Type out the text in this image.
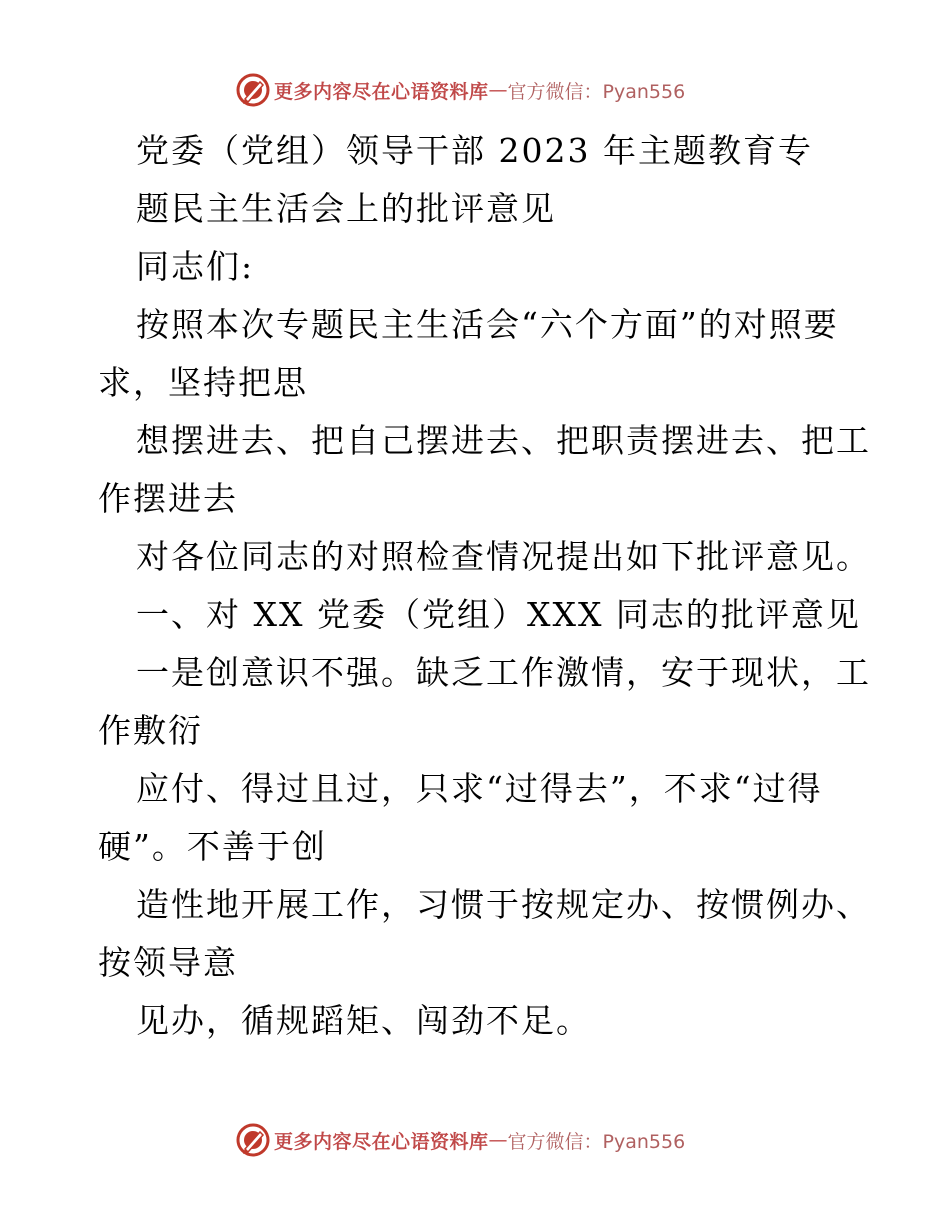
更多内容尽在心语资料库 — 官方微信：Pyan556
党委（党组）领导干部 2023 年主题教育专
题民主生活会上的批评意见
同志们:
按照本次专题民主生活会“六个方面”的对照要
求，坚持把思
想摆进去、把自己摆进去、把职责摆进去、把工
作摆进去
对各位同志的对照检查情况提出如下批评意见。
一、对 XX 党委（党组）XXX 同志的批评意见
一是创意识不强。缺乏工作激情，安于现状，工
作敷衍
应付、得过且过，只求“过得去”，不求“过得
硬”。不善于创
造性地开展工作，习惯于按规定办、按惯例办、
按领导意
见办，循规蹈矩、闯劲不足。
更多内容尽在心语资料库 — 官方微信：Pyan556
